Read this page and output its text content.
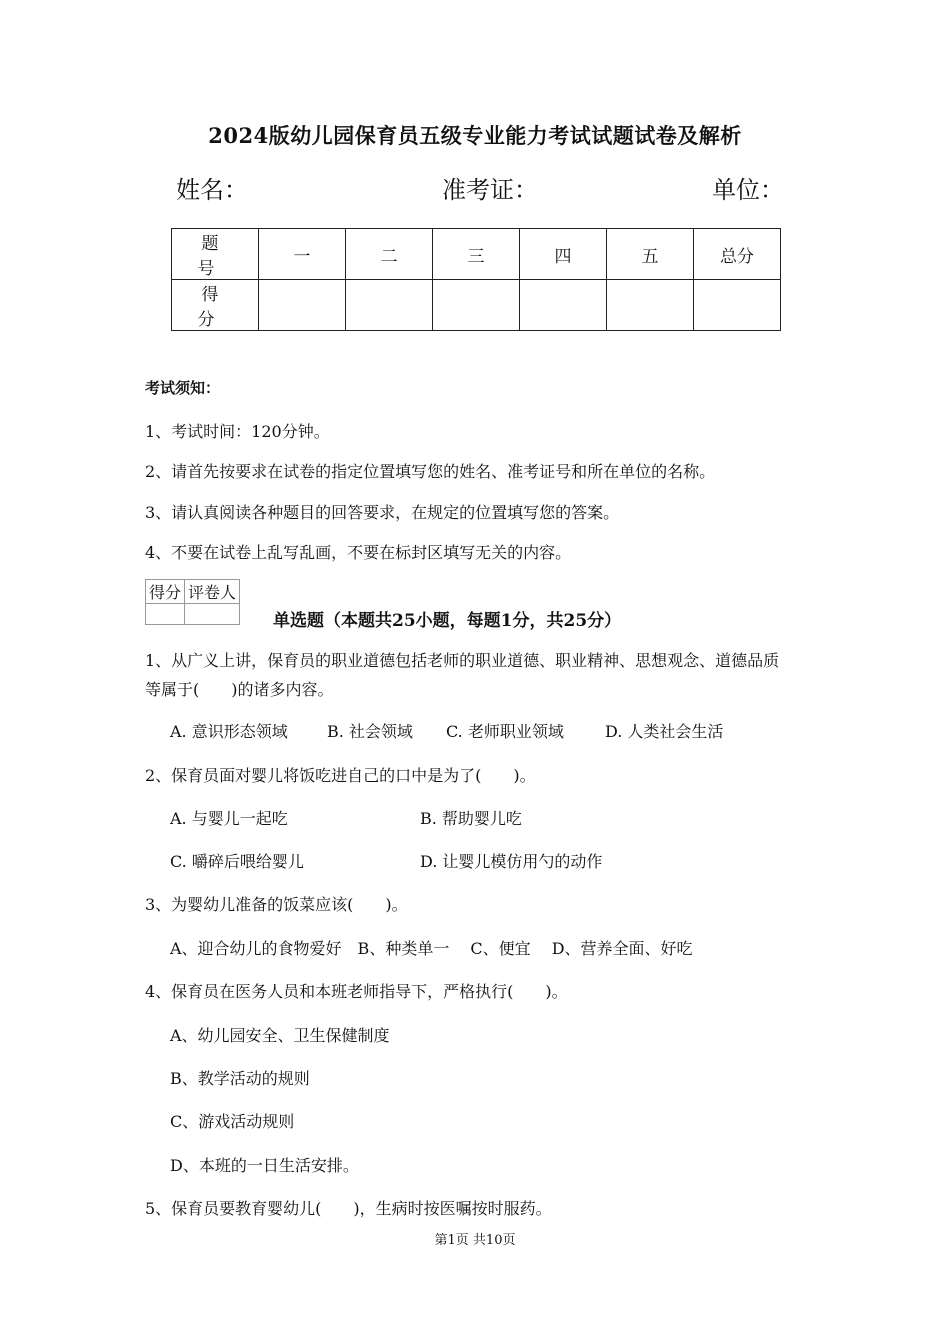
2024版幼儿园保育员五级专业能力考试试题试卷及解析
姓名：	准考证：	单位：
题 号	一	二	三	四	五	总分
得 分						
考试须知：
1、考试时间：120分钟。
2、请首先按要求在试卷的指定位置填写您的姓名、准考证号和所在单位的名称。
3、请认真阅读各种题目的回答要求，在规定的位置填写您的答案。
4、不要在试卷上乱写乱画，不要在标封区填写无关的内容。
得分	评卷人

单选题（本题共25小题，每题1分，共25分）
1、从广义上讲，保育员的职业道德包括老师的职业道德、职业精神、思想观念、道德品质
等属于(　　)的诸多内容。
A. 意识形态领域 B. 社会领域 C. 老师职业领域	D. 人类社会生活
2、保育员面对婴儿将饭吃进自己的口中是为了(　　)。
A. 与婴儿一起吃	B. 帮助婴儿吃
C. 嚼碎后喂给婴儿	D. 让婴儿模仿用勺的动作
3、为婴幼儿准备的饭菜应该(　　)。
A、迎合幼儿的食物爱好　B、种类单一　 C、便宜　 D、营养全面、好吃
4、保育员在医务人员和本班老师指导下，严格执行(　　)。
A、幼儿园安全、卫生保健制度
B、教学活动的规则
C、游戏活动规则
D、本班的一日生活安排。
5、保育员要教育婴幼儿(　　)，生病时按医嘱按时服药。
第1页 共10页
